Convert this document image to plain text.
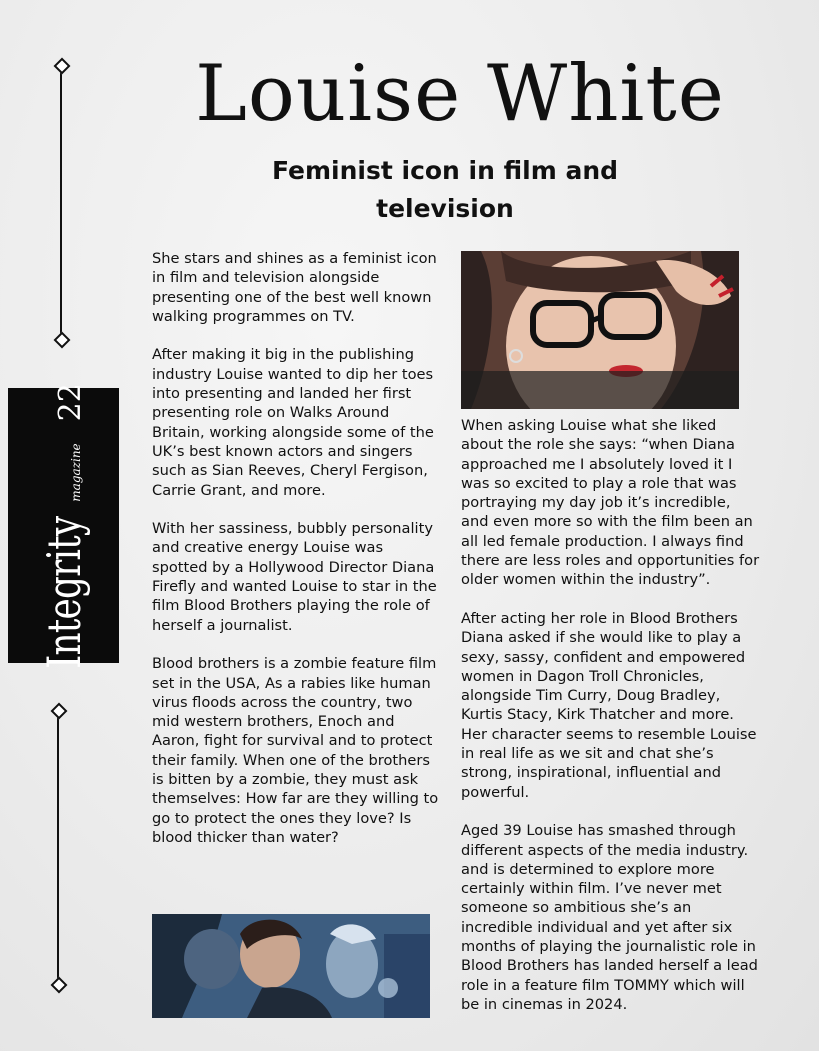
Integrity
magazine
22
Louise White
Feminist icon in film and television

She stars and shines as a feminist icon in film and television alongside presenting one of the best well known walking programmes on TV.

After making it big in the publishing industry Louise wanted to dip her toes into presenting and landed her first presenting role on Walks Around Britain, working alongside some of the UK’s best known actors and singers such as Sian Reeves, Cheryl Fergison, Carrie Grant, and more.

With her sassiness, bubbly personality and creative energy Louise was spotted by a Hollywood Director Diana Firefly and wanted Louise to star in the film Blood Brothers playing the role of herself a journalist.

Blood brothers is a zombie feature film set in the USA, As a rabies like human virus floods across the country, two mid western brothers, Enoch and Aaron, fight for survival and to protect their family. When one of the brothers is bitten by a zombie, they must ask themselves: How far are they willing to go to protect the ones they love? Is blood thicker than water?

When asking Louise what she liked about the role she says: “when Diana approached me I absolutely loved it I was so excited to play a role that was portraying my day job it’s incredible, and even more so with the film been an all led female production. I always find there are less roles and opportunities for older women within the industry”.

After acting her role in Blood Brothers Diana asked if she would like to play a sexy, sassy, confident and empowered women in Dagon Troll Chronicles, alongside Tim Curry, Doug Bradley, Kurtis Stacy, Kirk Thatcher and more. Her character seems to resemble Louise in real life as we sit and chat she’s strong, inspirational, influential and powerful.

Aged 39 Louise has smashed through different aspects of the media industry. and is determined to explore more certainly within film. I’ve never met someone so ambitious she’s an incredible individual and yet after six months of playing the journalistic role in Blood Brothers has landed herself a lead role in a feature film TOMMY which will be in cinemas in 2024.
